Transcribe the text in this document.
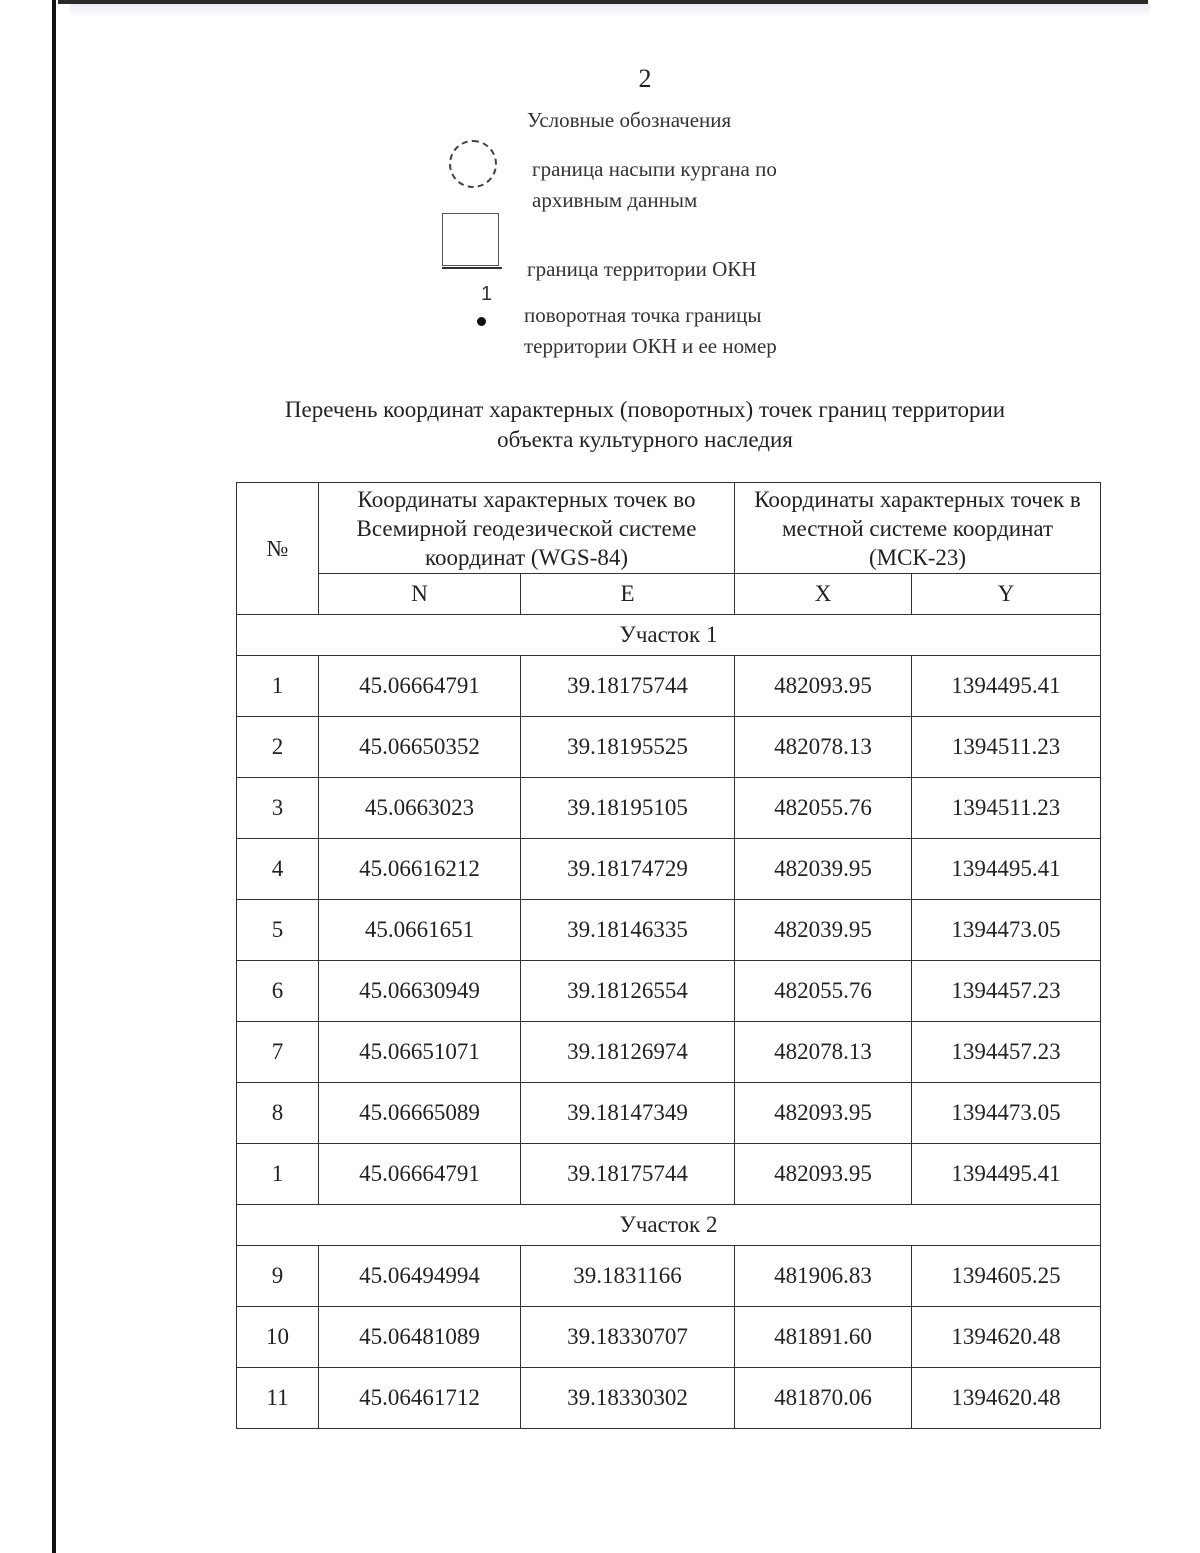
2
Условные обозначения
граница насыпи кургана по
архивным данным
граница территории ОКН
1
поворотная точка границы
территории ОКН и ее номер
Перечень координат характерных (поворотных) точек границ территории
объекта культурного наследия
№	Координаты характерных точек во Всемирной геодезической системе координат (WGS-84)		Координаты характерных точек в местной системе координат (МСК-23)	
	N	E	X	Y
Участок 1				
1	45.06664791	39.18175744	482093.95	1394495.41
2	45.06650352	39.18195525	482078.13	1394511.23
3	45.0663023	39.18195105	482055.76	1394511.23
4	45.06616212	39.18174729	482039.95	1394495.41
5	45.0661651	39.18146335	482039.95	1394473.05
6	45.06630949	39.18126554	482055.76	1394457.23
7	45.06651071	39.18126974	482078.13	1394457.23
8	45.06665089	39.18147349	482093.95	1394473.05
1	45.06664791	39.18175744	482093.95	1394495.41
Участок 2				
9	45.06494994	39.1831166	481906.83	1394605.25
10	45.06481089	39.18330707	481891.60	1394620.48
11	45.06461712	39.18330302	481870.06	1394620.48
